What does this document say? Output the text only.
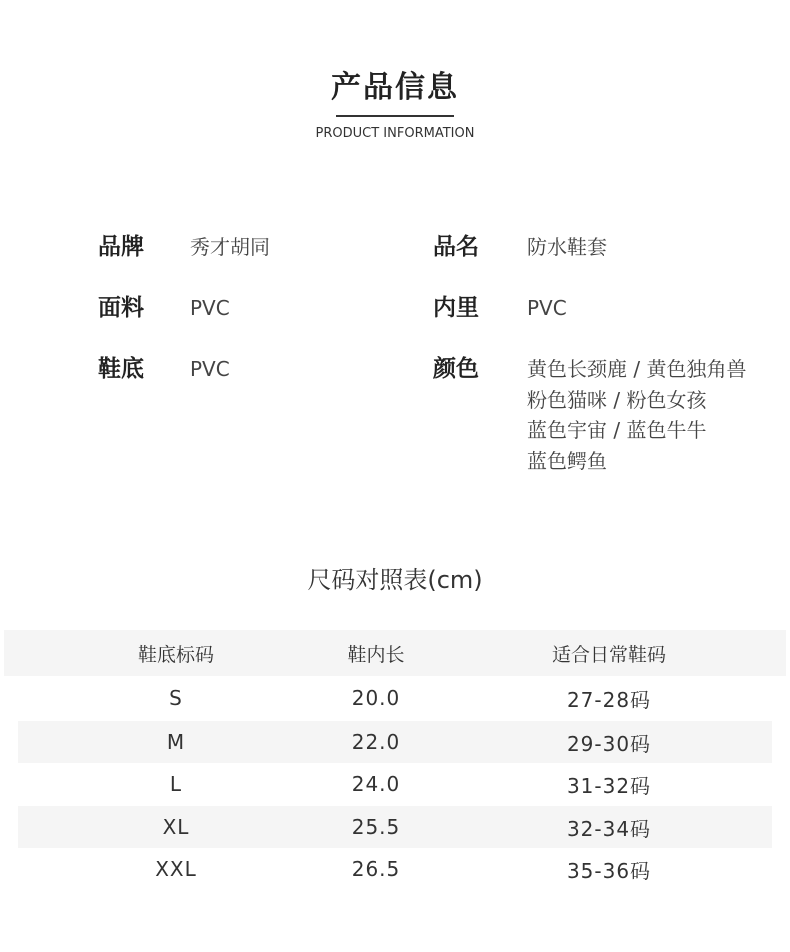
产品信息
PRODUCT INFORMATION
品牌 秀才胡同	品名 防水鞋套
面料 PVC	内里 PVC
鞋底 PVC	颜色 黄色长颈鹿 / 黄色独角兽
粉色猫咪 / 粉色女孩
蓝色宇宙 / 蓝色牛牛
蓝色鳄鱼
尺码对照表(cm)
鞋底标码	鞋内长	适合日常鞋码
S	20.0	27-28码
M	22.0	29-30码
L	24.0	31-32码
XL	25.5	32-34码
XXL	26.5	35-36码
